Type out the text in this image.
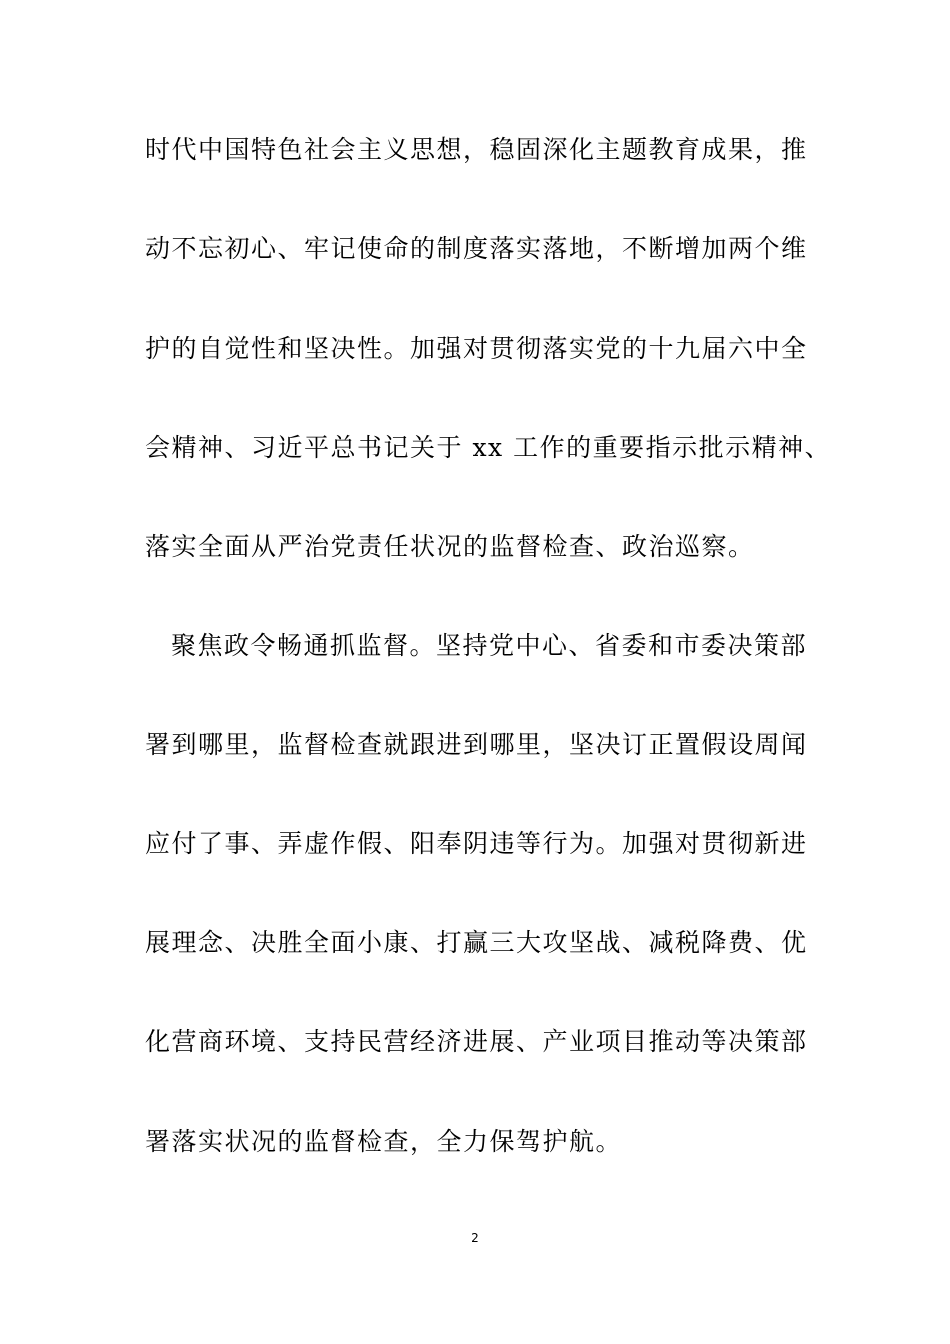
时代中国特色社会主义思想，稳固深化主题教育成果，推
动不忘初心、牢记使命的制度落实落地，不断增加两个维
护的自觉性和坚决性。加强对贯彻落实党的十九届六中全
会精神、习近平总书记关于 xx 工作的重要指示批示精神、
落实全面从严治党责任状况的监督检查、政治巡察。
聚焦政令畅通抓监督。坚持党中心、省委和市委决策部
署到哪里，监督检查就跟进到哪里，坚决订正置假设周闻
应付了事、弄虚作假、阳奉阴违等行为。加强对贯彻新进
展理念、决胜全面小康、打赢三大攻坚战、减税降费、优
化营商环境、支持民营经济进展、产业项目推动等决策部
署落实状况的监督检查，全力保驾护航。
2
